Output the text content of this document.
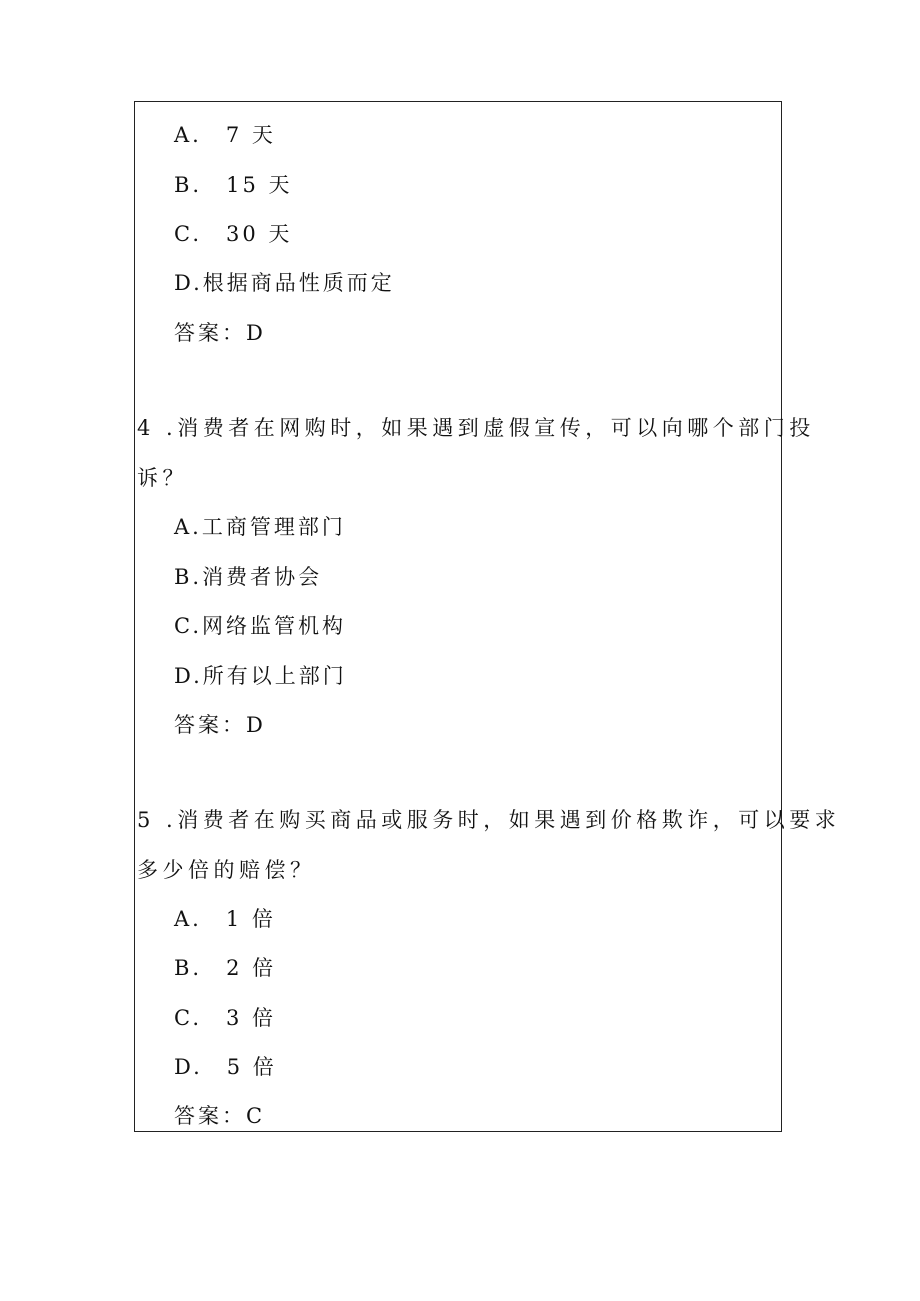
A.　7 天
B.　15 天
C.　30 天
D.根据商品性质而定
答案：D
4 .消费者在网购时，如果遇到虚假宣传，可以向哪个部门投
诉？
A.工商管理部门
B.消费者协会
C.网络监管机构
D.所有以上部门
答案：D
5 .消费者在购买商品或服务时，如果遇到价格欺诈，可以要求
多少倍的赔偿？
A.　1 倍
B.　2 倍
C.　3 倍
D.　5 倍
答案：C
